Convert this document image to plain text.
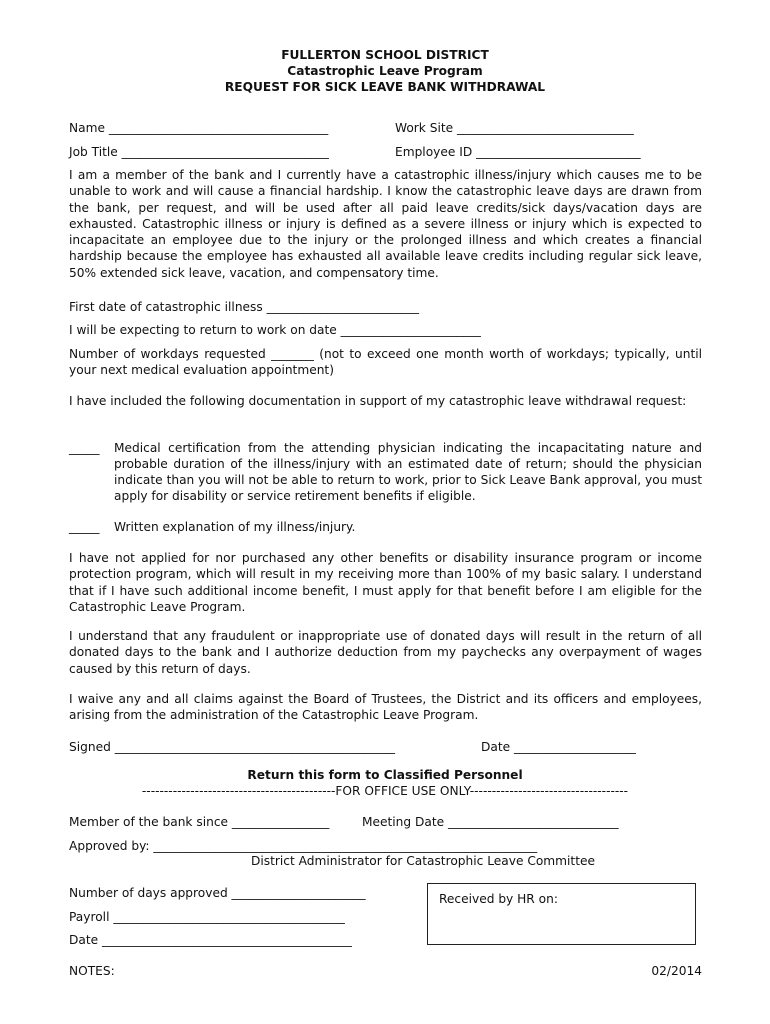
FULLERTON SCHOOL DISTRICT
Catastrophic Leave Program
REQUEST FOR SICK LEAVE BANK WITHDRAWAL
Name ____________________________________	Work Site _____________________________
Job Title __________________________________	Employee ID ___________________________
I am a member of the bank and I currently have a catastrophic illness/injury which causes me to be unable to work and will cause a financial hardship. I know the catastrophic leave days are drawn from the bank, per request, and will be used after all paid leave credits/sick days/vacation days are exhausted. Catastrophic illness or injury is defined as a severe illness or injury which is expected to incapacitate an employee due to the injury or the prolonged illness and which creates a financial hardship because the employee has exhausted all available leave credits including regular sick leave, 50% extended sick leave, vacation, and compensatory time.
First date of catastrophic illness _________________________
I will be expecting to return to work on date _______________________
Number of workdays requested _______ (not to exceed one month worth of workdays; typically, until your next medical evaluation appointment)
I have included the following documentation in support of my catastrophic leave withdrawal request:
_____ Medical certification from the attending physician indicating the incapacitating nature and probable duration of the illness/injury with an estimated date of return; should the physician indicate than you will not be able to return to work, prior to Sick Leave Bank approval, you must apply for disability or service retirement benefits if eligible.
_____ Written explanation of my illness/injury.
I have not applied for nor purchased any other benefits or disability insurance program or income protection program, which will result in my receiving more than 100% of my basic salary. I understand that if I have such additional income benefit, I must apply for that benefit before I am eligible for the Catastrophic Leave Program.
I understand that any fraudulent or inappropriate use of donated days will result in the return of all donated days to the bank and I authorize deduction from my paychecks any overpayment of wages caused by this return of days.
I waive any and all claims against the Board of Trustees, the District and its officers and employees, arising from the administration of the Catastrophic Leave Program.
Signed ______________________________________________	Date ____________________
Return this form to Classified Personnel
--------------------------------------------FOR OFFICE USE ONLY------------------------------------
Member of the bank since ________________	Meeting Date ____________________________
Approved by: _______________________________________________________________
District Administrator for Catastrophic Leave Committee
Number of days approved ______________________
Payroll ______________________________________
Date _________________________________________
Received by HR on:
NOTES:	02/2014
